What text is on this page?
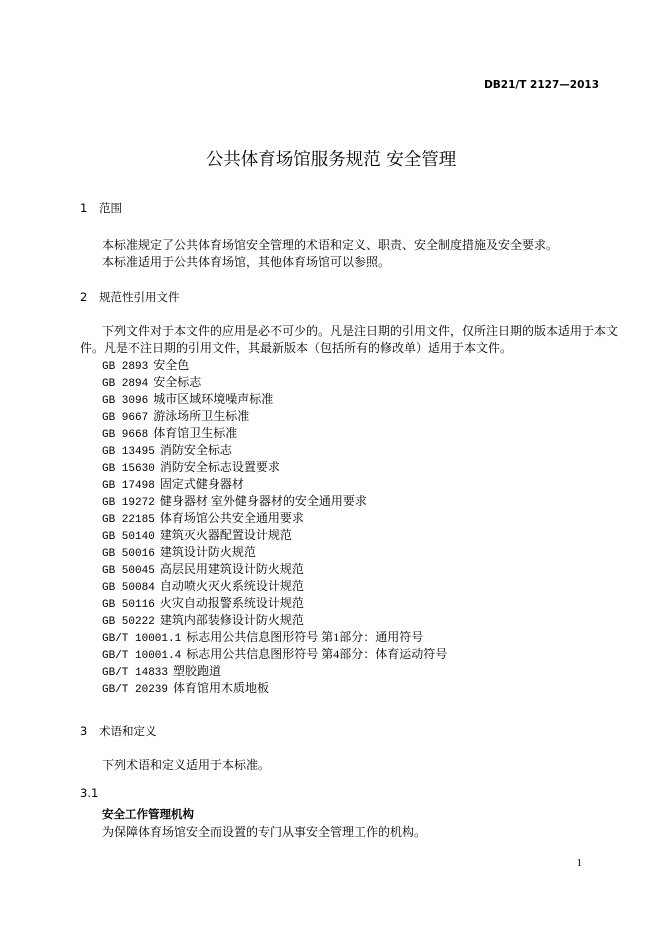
DB21/T 2127—2013
公共体育场馆服务规范 安全管理
1 范围
本标准规定了公共体育场馆安全管理的术语和定义、职责、安全制度措施及安全要求。
本标准适用于公共体育场馆，其他体育场馆可以参照。
2 规范性引用文件
下列文件对于本文件的应用是必不可少的。凡是注日期的引用文件，仅所注日期的版本适用于本文
件。凡是不注日期的引用文件，其最新版本（包括所有的修改单）适用于本文件。
GB 2893 安全色
GB 2894 安全标志
GB 3096 城市区域环境噪声标准
GB 9667 游泳场所卫生标准
GB 9668 体育馆卫生标准
GB 13495 消防安全标志
GB 15630 消防安全标志设置要求
GB 17498 固定式健身器材
GB 19272 健身器材 室外健身器材的安全通用要求
GB 22185 体育场馆公共安全通用要求
GB 50140 建筑灭火器配置设计规范
GB 50016 建筑设计防火规范
GB 50045 高层民用建筑设计防火规范
GB 50084 自动喷火灭火系统设计规范
GB 50116 火灾自动报警系统设计规范
GB 50222 建筑内部装修设计防火规范
GB/T 10001.1 标志用公共信息图形符号 第1部分：通用符号
GB/T 10001.4 标志用公共信息图形符号 第4部分：体育运动符号
GB/T 14833 塑胶跑道
GB/T 20239 体育馆用木质地板
3 术语和定义
下列术语和定义适用于本标准。
3.1
安全工作管理机构
为保障体育场馆安全而设置的专门从事安全管理工作的机构。
1
